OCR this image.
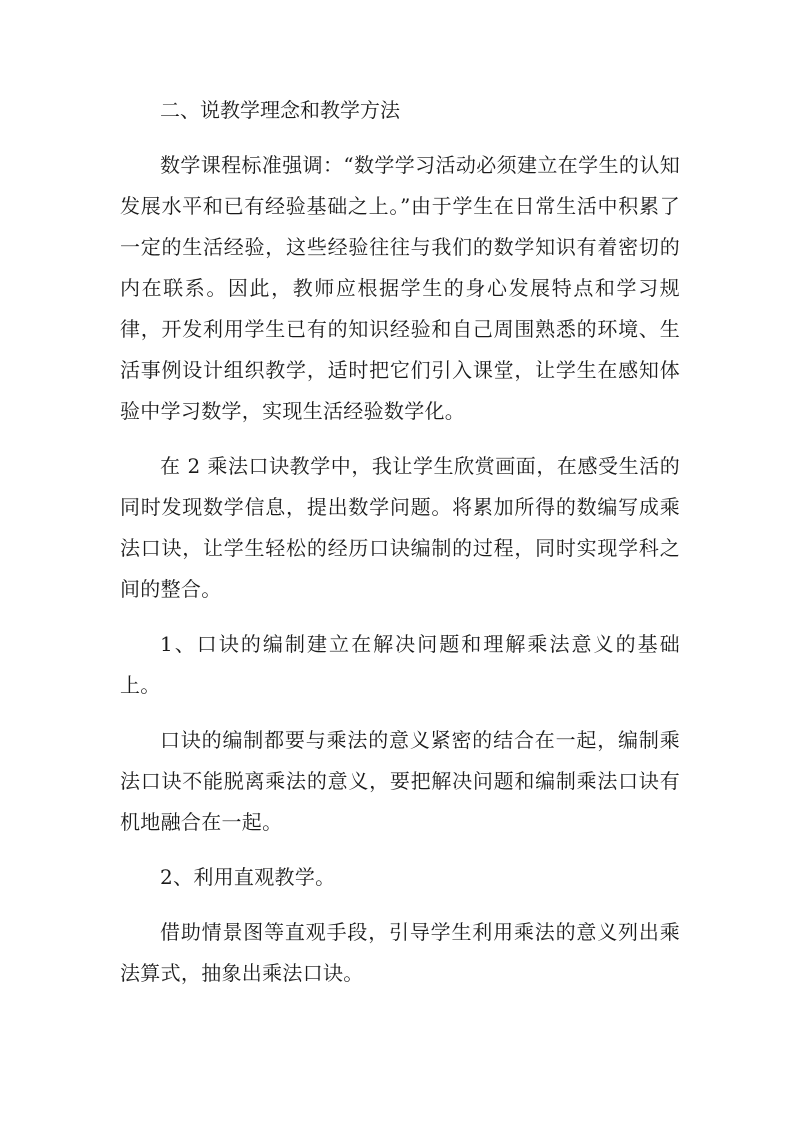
二、说教学理念和教学方法

数学课程标准强调：“数学学习活动必须建立在学生的认知发展水平和已有经验基础之上。”由于学生在日常生活中积累了一定的生活经验，这些经验往往与我们的数学知识有着密切的内在联系。因此，教师应根据学生的身心发展特点和学习规律，开发利用学生已有的知识经验和自己周围熟悉的环境、生活事例设计组织教学，适时把它们引入课堂，让学生在感知体验中学习数学，实现生活经验数学化。

在 2 乘法口诀教学中，我让学生欣赏画面，在感受生活的同时发现数学信息，提出数学问题。将累加所得的数编写成乘法口诀，让学生轻松的经历口诀编制的过程，同时实现学科之间的整合。

1、口诀的编制建立在解决问题和理解乘法意义的基础上。

口诀的编制都要与乘法的意义紧密的结合在一起，编制乘法口诀不能脱离乘法的意义，要把解决问题和编制乘法口诀有机地融合在一起。

2、利用直观教学。

借助情景图等直观手段，引导学生利用乘法的意义列出乘法算式，抽象出乘法口诀。
